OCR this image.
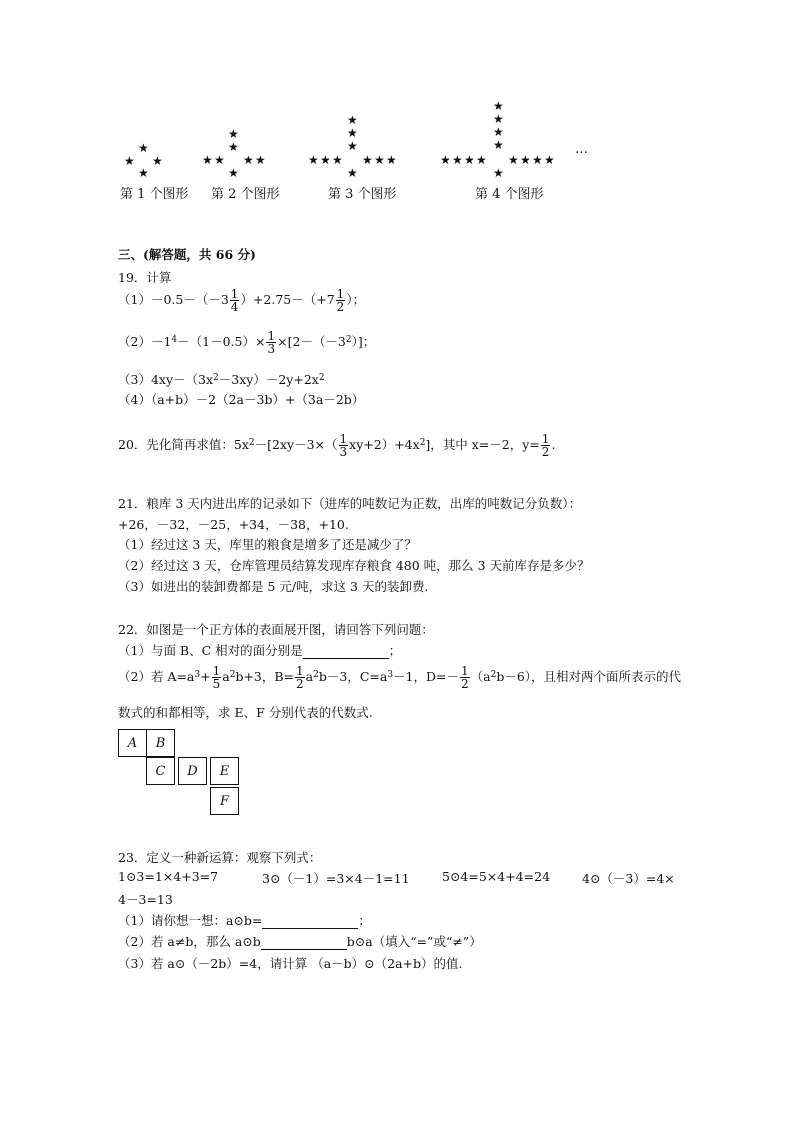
★
★ ★
★
★
★
★ ★ ★ ★
★
★
★
★
★ ★ ★ ★ ★ ★
★
★
★
★
★
★ ★ ★ ★ ★ ★ ★ ★
★
…
第 1 个图形 第 2 个图形	第 3 个图形	第 4 个图形
三、(解答题，共 66 分)
19．计算
$(1)-0.5-(-3 \frac{1}{4} )+2.75-(+7 \frac{1}{2}$ ）；
$(2)-1^4-(1-0.5)\times \frac{1}{3} \times[2-(-3^2)]$；
$(3)4xy-(3x^2-3xy)-2y+2x^2$
（4）（a+b）－2（2a－3b）+（3a－2b）
20．先化简再求值：$5x^2-[2xy-3\times( \frac{1}{3} xy+2)+4x^2]$，其中 x=－2，$y= \frac{1}{2}$ .
21．粮库 3 天内进出库的记录如下（进库的吨数记为正数，出库的吨数记分负数）：
+26，－32，－25，+34，－38，+10.
（1）经过这 3 天，库里的粮食是增多了还是减少了？
（2）经过这 3 天，仓库管理员结算发现库存粮食 480 吨，那么 3 天前库存是多少？
（3）如进出的装卸费都是 5 元/吨，求这 3 天的装卸费.
22．如图是一个正方体的表面展开图，请回答下列问题：
（1）与面 B、C 相对的面分别是	；
（2）若 $A=a^3+ \frac{1}{5} a^2b+3$，$B= \frac{1}{2} a^2b-3$，$C=a^3-1$，$D=- \frac{1}{2} (a^2b-6)$，且相对两个面所表示的代
数式的和都相等，求 E、F 分别代表的代数式.
A	B
C	D	E
F
23．定义一种新运算：观察下列式：
1⊙3=1×4+3=7	3⊙（－1）=3×4－1=11	5⊙4=5×4+4=24	4⊙（－3）=4×
4－3=13
（1）请你想一想：a⊙b=	；
（2）若 a≠b，那么 a⊙b	b⊙a（填入“=”或“≠”）
（3）若 a⊙（－2b）=4，请计算 （a－b）⊙（2a+b）的值.
